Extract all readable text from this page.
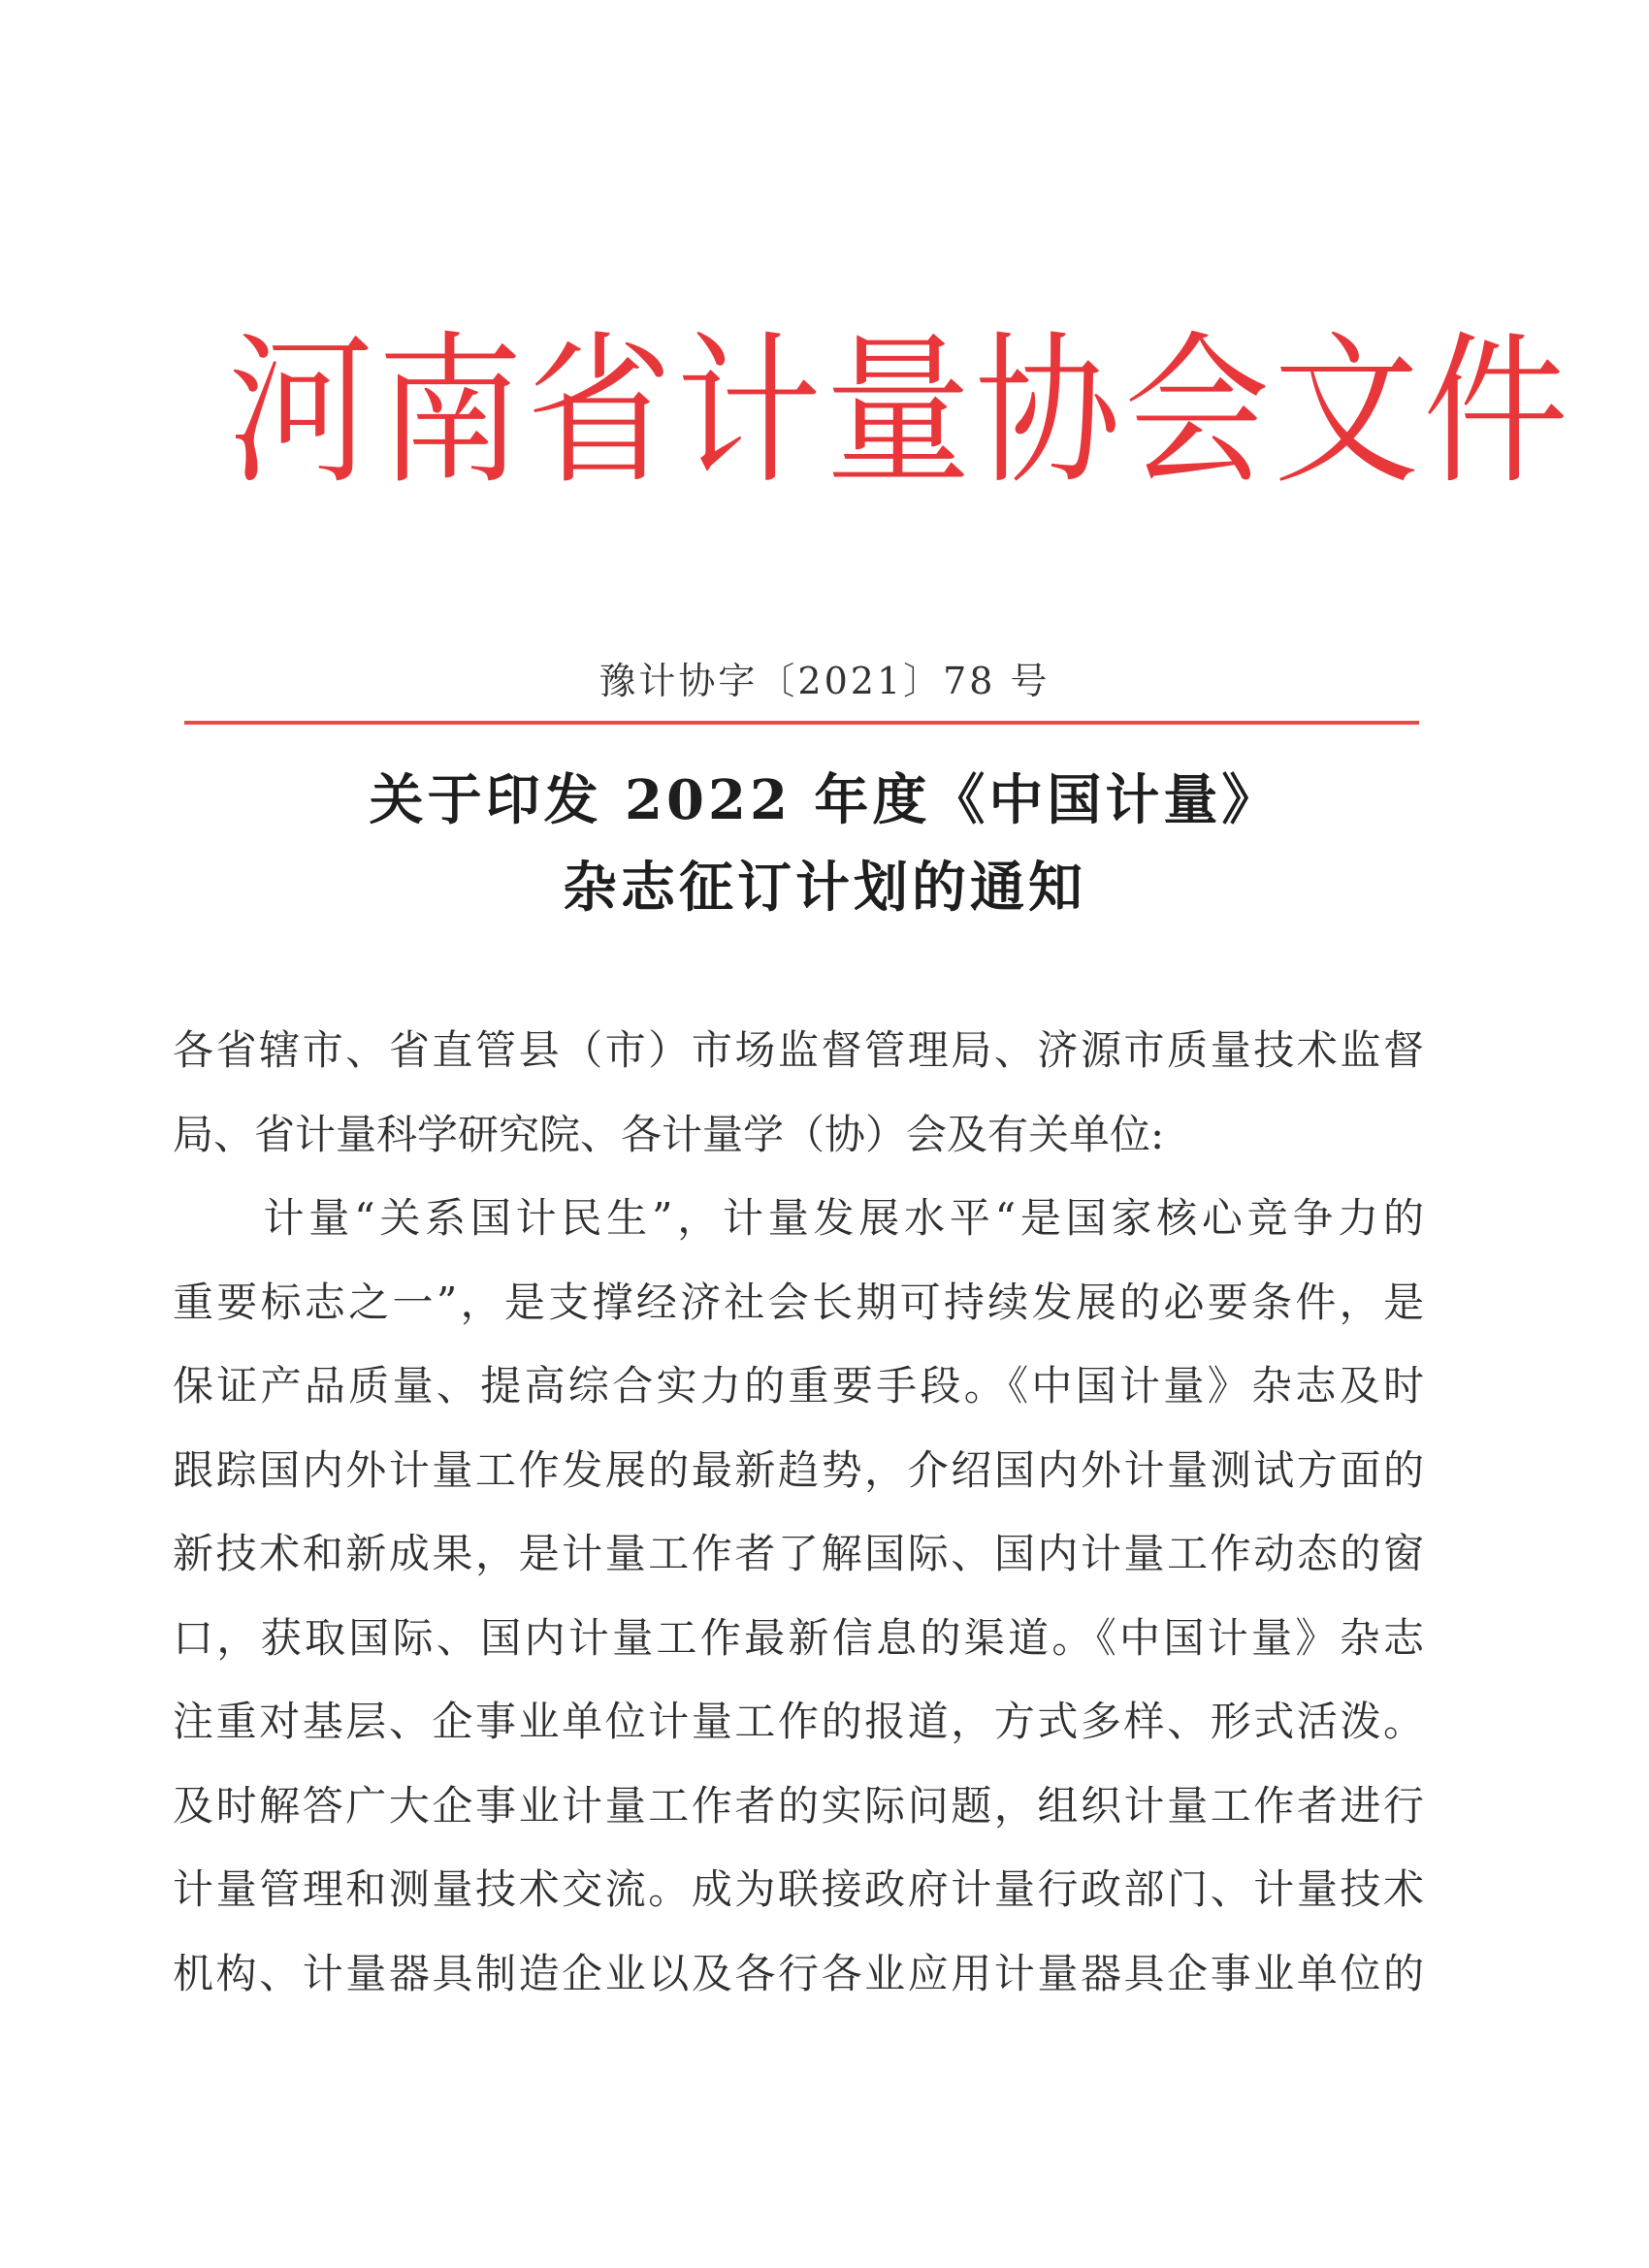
河南省计量协会文件
豫计协字〔2021〕78 号
关于印发 2022 年度《中国计量》
杂志征订计划的通知
各省辖市、省直管县（市）市场监督管理局、济源市质量技术监督
局、省计量科学研究院、各计量学（协）会及有关单位:
　　计量“关系国计民生”，计量发展水平“是国家核心竞争力的
重要标志之一”，是支撑经济社会长期可持续发展的必要条件，是
保证产品质量、提高综合实力的重要手段。《中国计量》杂志及时
跟踪国内外计量工作发展的最新趋势，介绍国内外计量测试方面的
新技术和新成果，是计量工作者了解国际、国内计量工作动态的窗
口，获取国际、国内计量工作最新信息的渠道。《中国计量》杂志
注重对基层、企事业单位计量工作的报道，方式多样、形式活泼。
及时解答广大企事业计量工作者的实际问题，组织计量工作者进行
计量管理和测量技术交流。成为联接政府计量行政部门、计量技术
机构、计量器具制造企业以及各行各业应用计量器具企事业单位的
